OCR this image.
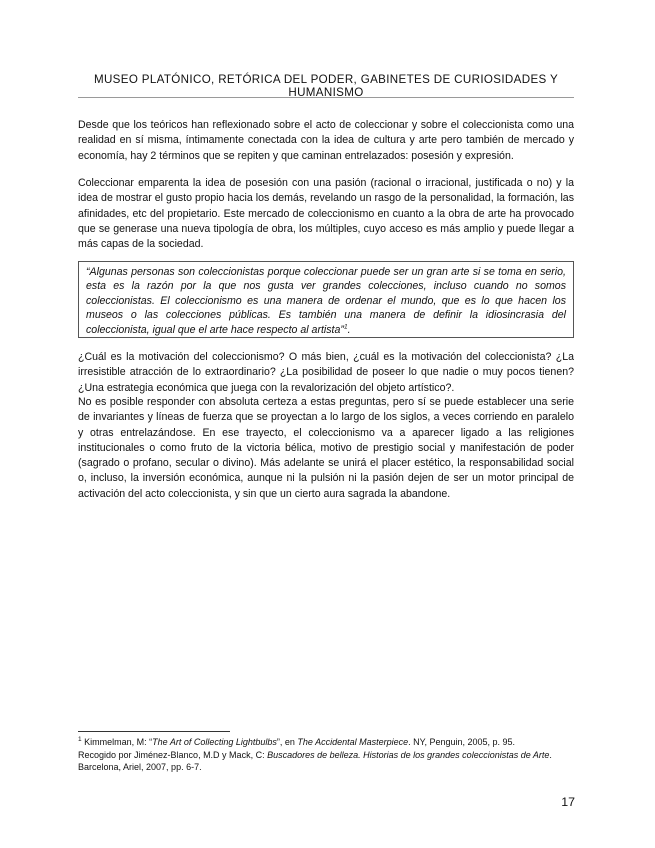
MUSEO PLATÓNICO, RETÓRICA DEL PODER, GABINETES DE CURIOSIDADES Y HUMANISMO

Desde que los teóricos han reflexionado sobre el acto de coleccionar y sobre el coleccionista como una realidad en sí misma, íntimamente conectada con la idea de cultura y arte pero también de mercado y economía, hay 2 términos que se repiten y que caminan entrelazados: posesión y expresión.

Coleccionar emparenta la idea de posesión con una pasión (racional o irracional, justificada o no) y la idea de mostrar el gusto propio hacia los demás, revelando un rasgo de la personalidad, la formación, las afinidades, etc del propietario. Este mercado de coleccionismo en cuanto a la obra de arte ha provocado que se generase una nueva tipología de obra, los múltiples, cuyo acceso es más amplio y puede llegar a más capas de la sociedad.

“Algunas personas son coleccionistas porque coleccionar puede ser un gran arte si se toma en serio, esta es la razón por la que nos gusta ver grandes colecciones, incluso cuando no somos coleccionistas. El coleccionismo es una manera de ordenar el mundo, que es lo que hacen los museos o las colecciones públicas. Es también una manera de definir la idiosincrasia del coleccionista, igual que el arte hace respecto al artista”$^1$.

¿Cuál es la motivación del coleccionismo? O más bien, ¿cuál es la motivación del coleccionista? ¿La irresistible atracción de lo extraordinario? ¿La posibilidad de poseer lo que nadie o muy pocos tienen? ¿Una estrategia económica que juega con la revalorización del objeto artístico?.

No es posible responder con absoluta certeza a estas preguntas, pero sí se puede establecer una serie de invariantes y líneas de fuerza que se proyectan a lo largo de los siglos, a veces corriendo en paralelo y otras entrelazándose. En ese trayecto, el coleccionismo va a aparecer ligado a las religiones institucionales o como fruto de la victoria bélica, motivo de prestigio social y manifestación de poder (sagrado o profano, secular o divino). Más adelante se unirá el placer estético, la responsabilidad social o, incluso, la inversión económica, aunque ni la pulsión ni la pasión dejen de ser un motor principal de activación del acto coleccionista, y sin que un cierto aura sagrada la abandone.

$^1$ Kimmelman, M: “The Art of Collecting Lightbulbs”, en The Accidental Masterpiece. NY, Penguin, 2005, p. 95.
Recogido por Jiménez-Blanco, M.D y Mack, C: Buscadores de belleza. Historias de los grandes coleccionistas de Arte. Barcelona, Ariel, 2007, pp. 6-7.

17
